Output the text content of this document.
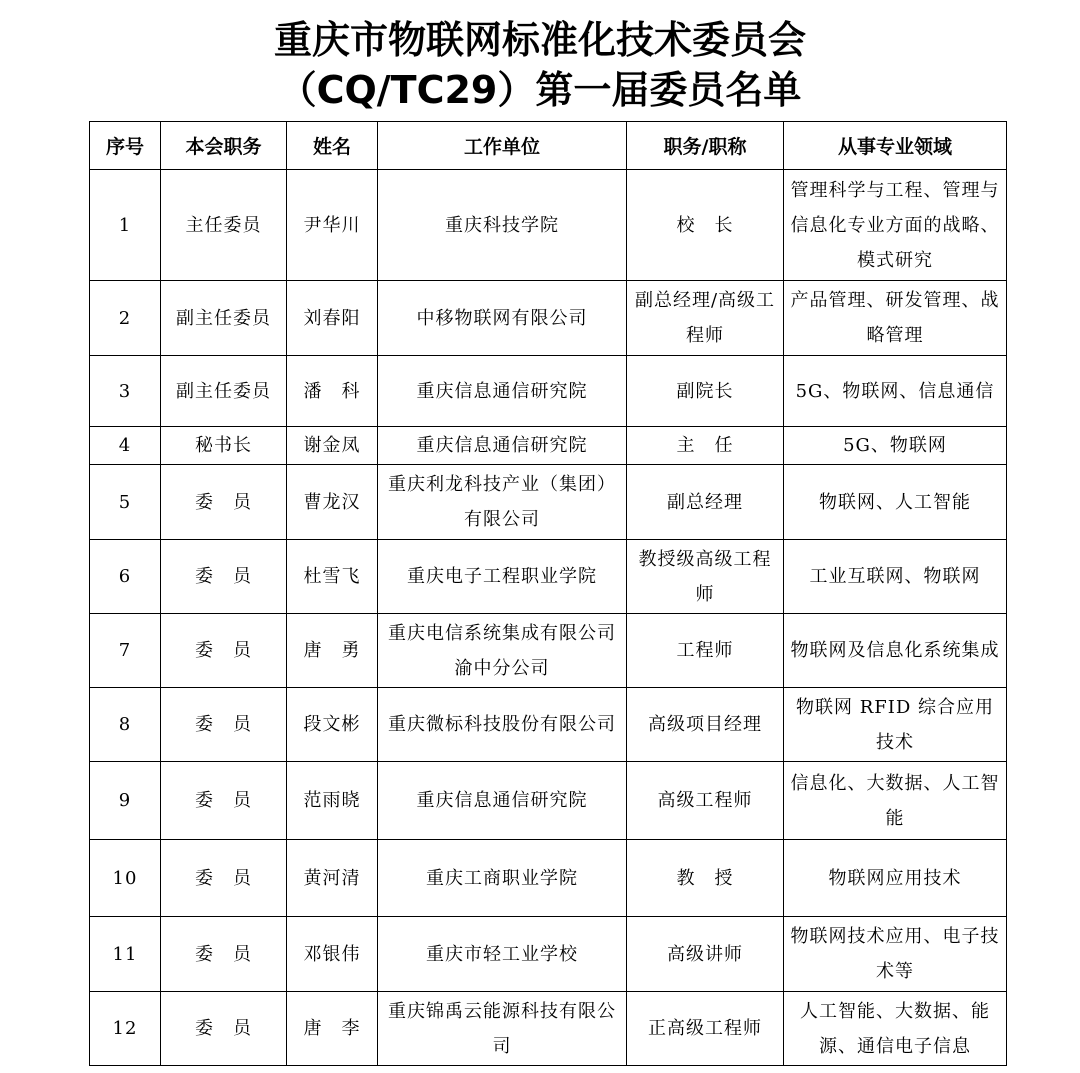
重庆市物联网标准化技术委员会
（CQ/TC29）第一届委员名单
序号	本会职务	姓名	工作单位	职务/职称	从事专业领域
1	主任委员	尹华川	重庆科技学院	校　长	管理科学与工程、管理与信息化专业方面的战略、模式研究
2	副主任委员	刘春阳	中移物联网有限公司	副总经理/高级工程师	产品管理、研发管理、战略管理
3	副主任委员	潘　科	重庆信息通信研究院	副院长	5G、物联网、信息通信
4	秘书长	谢金凤	重庆信息通信研究院	主　任	5G、物联网
5	委　员	曹龙汉	重庆利龙科技产业（集团）有限公司	副总经理	物联网、人工智能
6	委　员	杜雪飞	重庆电子工程职业学院	教授级高级工程师	工业互联网、物联网
7	委　员	唐　勇	重庆电信系统集成有限公司渝中分公司	工程师	物联网及信息化系统集成
8	委　员	段文彬	重庆微标科技股份有限公司	高级项目经理	物联网 RFID 综合应用技术
9	委　员	范雨晓	重庆信息通信研究院	高级工程师	信息化、大数据、人工智能
10	委　员	黄河清	重庆工商职业学院	教　授	物联网应用技术
11	委　员	邓银伟	重庆市轻工业学校	高级讲师	物联网技术应用、电子技术等
12	委　员	唐　李	重庆锦禹云能源科技有限公司	正高级工程师	人工智能、大数据、能源、通信电子信息
